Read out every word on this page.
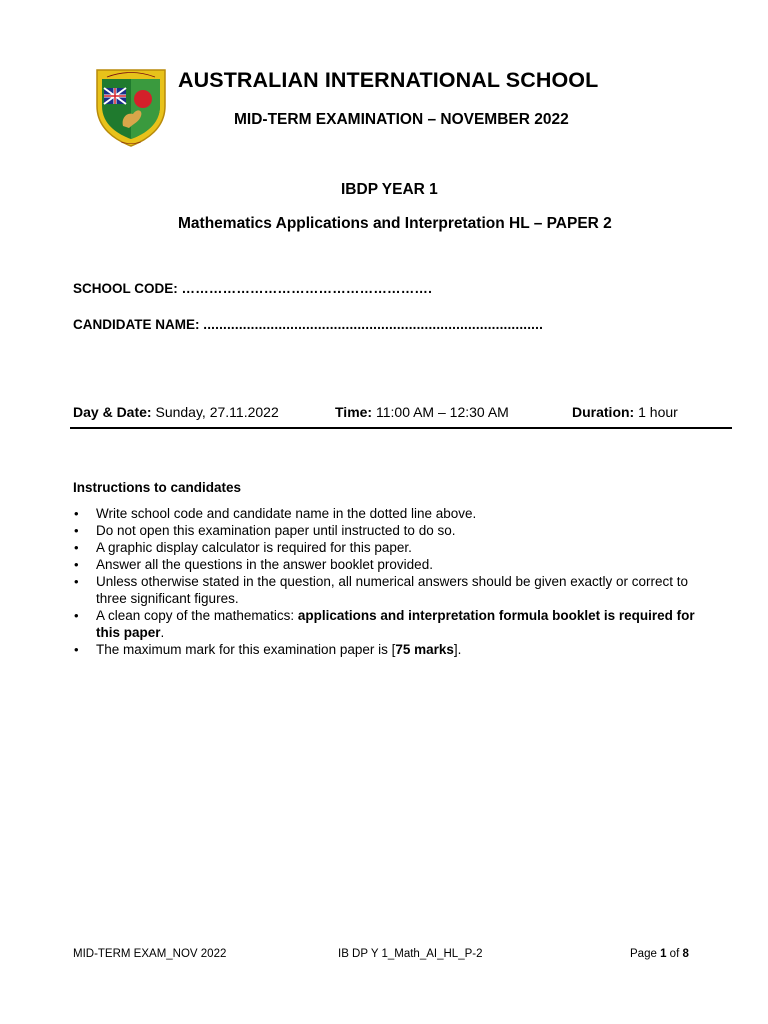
AUSTRALIAN INTERNATIONAL SCHOOL
MID-TERM EXAMINATION – NOVEMBER 2022
IBDP YEAR 1
Mathematics Applications and Interpretation HL – PAPER 2
SCHOOL CODE: ……………………………………………….
CANDIDATE NAME: ......................................................................................
Day & Date: Sunday, 27.11.2022	Time: 11:00 AM – 12:30 AM	Duration: 1 hour
Instructions to candidates
• Write school code and candidate name in the dotted line above.
• Do not open this examination paper until instructed to do so.
• A graphic display calculator is required for this paper.
• Answer all the questions in the answer booklet provided.
• Unless otherwise stated in the question, all numerical answers should be given exactly or correct to three significant figures.
• A clean copy of the mathematics: applications and interpretation formula booklet is required for this paper.
• The maximum mark for this examination paper is [75 marks].
MID-TERM EXAM_NOV 2022	IB DP Y 1_Math_AI_HL_P-2	Page 1 of 8
